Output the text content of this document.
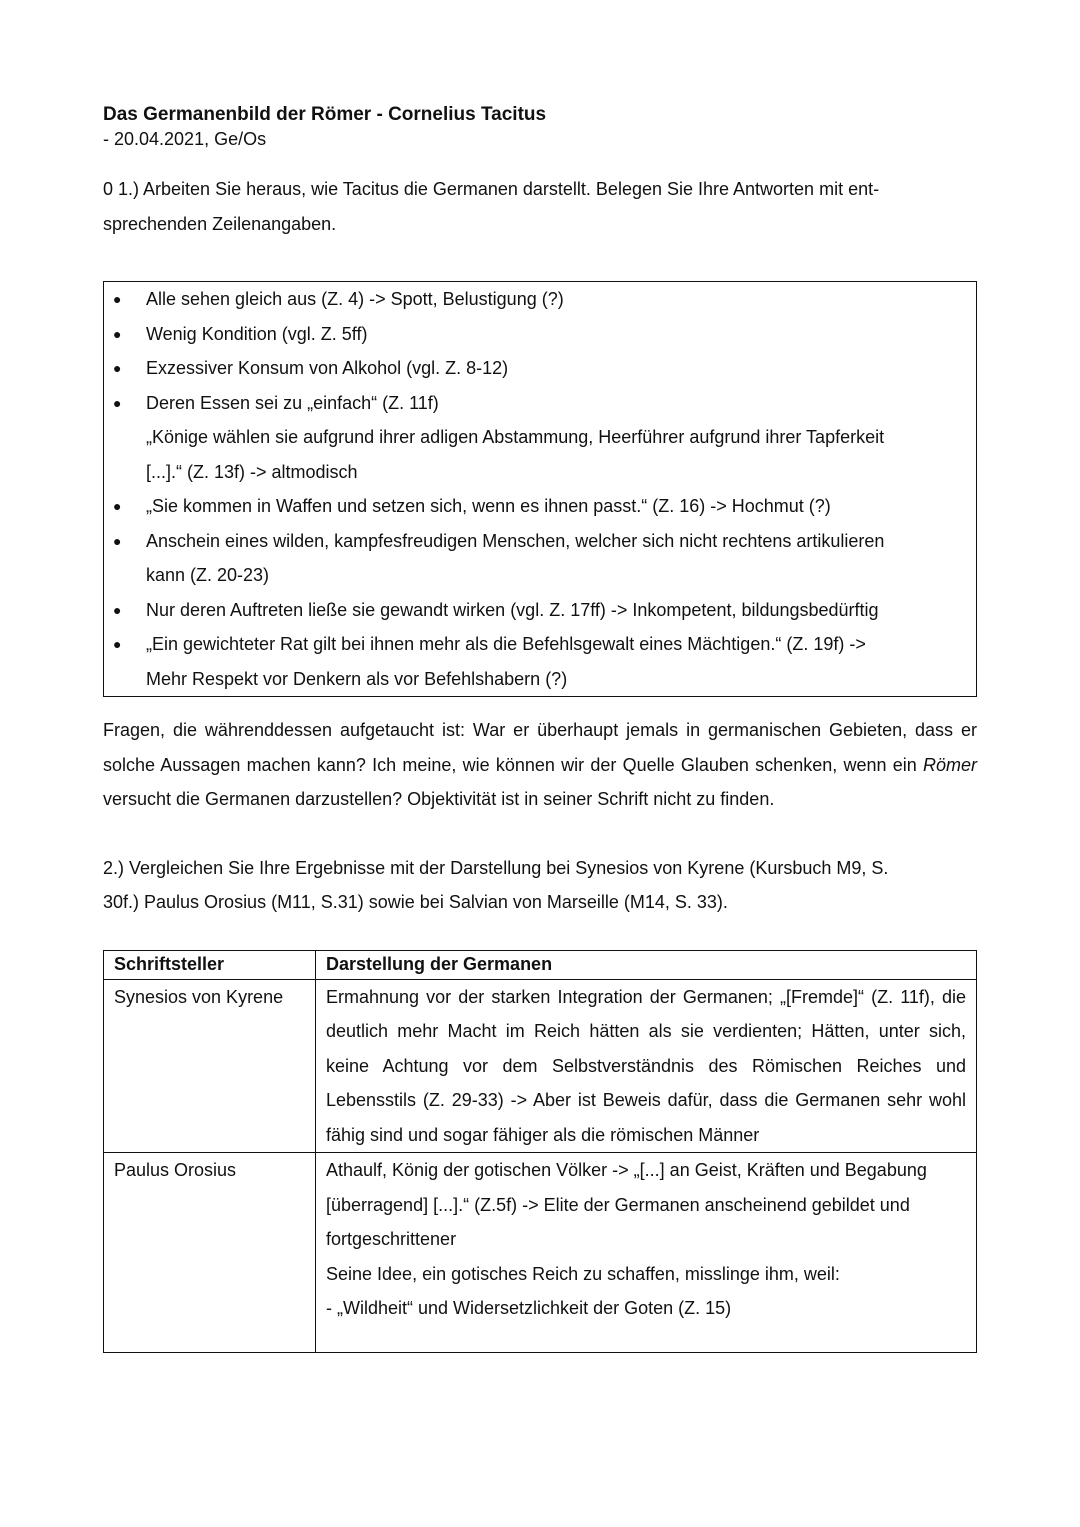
Das Germanenbild der Römer - Cornelius Tacitus

- 20.04.2021, Ge/Os

0 1.) Arbeiten Sie heraus, wie Tacitus die Germanen darstellt. Belegen Sie Ihre Antworten mit ent-

sprechenden Zeilenangaben.

● Alle sehen gleich aus (Z. 4) -> Spott, Belustigung (?)
● Wenig Kondition (vgl. Z. 5ff)
● Exzessiver Konsum von Alkohol (vgl. Z. 8-12)
● Deren Essen sei zu „einfach“ (Z. 11f)
„Könige wählen sie aufgrund ihrer adligen Abstammung, Heerführer aufgrund ihrer Tapferkeit
[...].“ (Z. 13f) -> altmodisch
● „Sie kommen in Waffen und setzen sich, wenn es ihnen passt.“ (Z. 16) -> Hochmut (?)
● Anschein eines wilden, kampfesfreudigen Menschen, welcher sich nicht rechtens artikulieren
kann (Z. 20-23)
● Nur deren Auftreten ließe sie gewandt wirken (vgl. Z. 17ff) -> Inkompetent, bildungsbedürftig
● „Ein gewichteter Rat gilt bei ihnen mehr als die Befehlsgewalt eines Mächtigen.“ (Z. 19f) ->
Mehr Respekt vor Denkern als vor Befehlshabern (?)

Fragen, die währenddessen aufgetaucht ist: War er überhaupt jemals in germanischen Gebieten, dass er solche Aussagen machen kann? Ich meine, wie können wir der Quelle Glauben schenken, wenn ein Römer versucht die Germanen darzustellen? Objektivität ist in seiner Schrift nicht zu finden.

2.) Vergleichen Sie Ihre Ergebnisse mit der Darstellung bei Synesios von Kyrene (Kursbuch M9, S.

30f.) Paulus Orosius (M11, S.31) sowie bei Salvian von Marseille (M14, S. 33).

Schriftsteller	Darstellung der Germanen
Synesios von Kyrene	Ermahnung vor der starken Integration der Germanen; „[Fremde]“ (Z. 11f), die deutlich mehr Macht im Reich hätten als sie verdienten; Hätten, unter sich, keine Achtung vor dem Selbstverständnis des Römischen Reiches und Lebensstils (Z. 29-33) -> Aber ist Beweis dafür, dass die Germanen sehr wohl fähig sind und sogar fähiger als die römischen Männer
Paulus Orosius	Athaulf, König der gotischen Völker -> „[...] an Geist, Kräften und Begabung [überragend] [...].“ (Z.5f) -> Elite der Germanen anscheinend gebildet und fortgeschrittener
Seine Idee, ein gotisches Reich zu schaffen, misslinge ihm, weil:
- „Wildheit“ und Widersetzlichkeit der Goten (Z. 15)
